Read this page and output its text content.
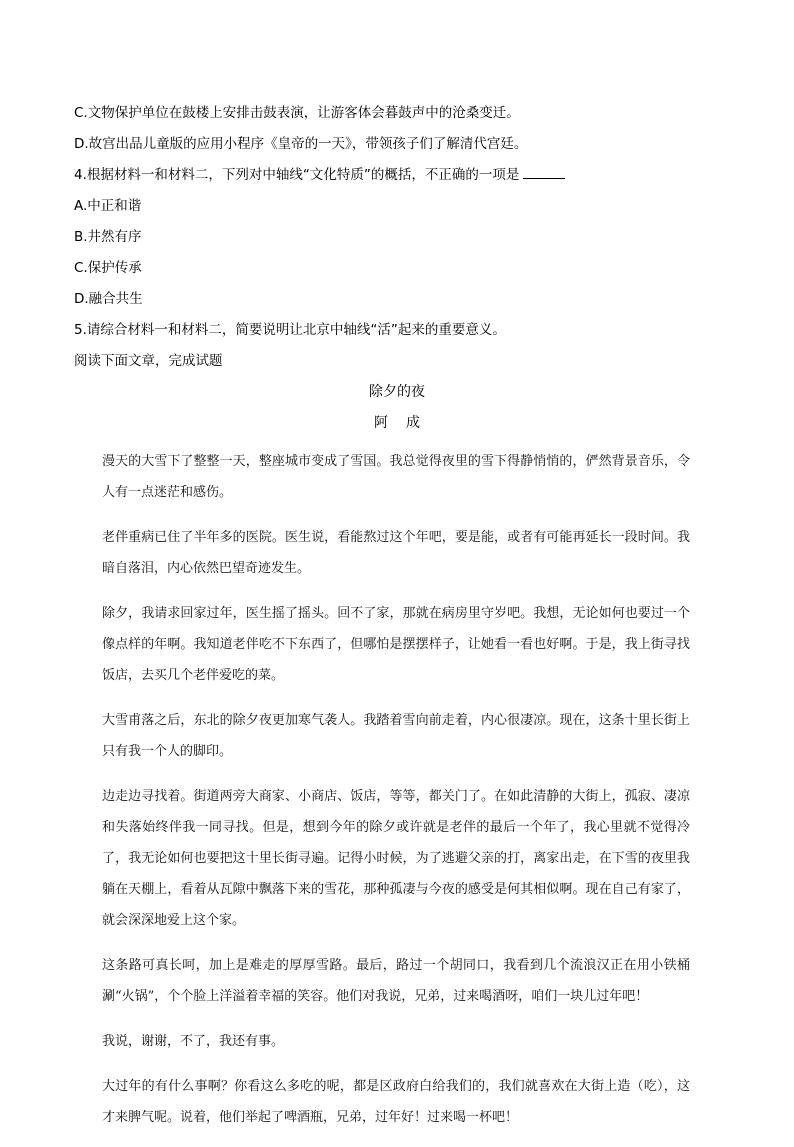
C.文物保护单位在鼓楼上安排击鼓表演，让游客体会暮鼓声中的沧桑变迁。
D.故宫出品儿童版的应用小程序《皇帝的一天》，带领孩子们了解清代宫廷。
4.根据材料一和材料二，下列对中轴线“文化特质”的概括，不正确的一项是
A.中正和谐
B.井然有序
C.保护传承
D.融合共生
5.请综合材料一和材料二，简要说明让北京中轴线“活”起来的重要意义。
阅读下面文章，完成试题
除夕的夜
阿成

漫天的大雪下了整整一天，整座城市变成了雪国。我总觉得夜里的雪下得静悄悄的，俨然背景音乐，令人有一点迷茫和感伤。

老伴重病已住了半年多的医院。医生说，看能熬过这个年吧，要是能，或者有可能再延长一段时间。我暗自落泪，内心依然巴望奇迹发生。

除夕，我请求回家过年，医生摇了摇头。回不了家，那就在病房里守岁吧。我想，无论如何也要过一个像点样的年啊。我知道老伴吃不下东西了，但哪怕是摆摆样子，让她看一看也好啊。于是，我上街寻找饭店，去买几个老伴爱吃的菜。

大雪甫落之后，东北的除夕夜更加寒气袭人。我踏着雪向前走着，内心很凄凉。现在，这条十里长街上只有我一个人的脚印。

边走边寻找着。街道两旁大商家、小商店、饭店，等等，都关门了。在如此清静的大街上，孤寂、凄凉和失落始终伴我一同寻找。但是，想到今年的除夕或许就是老伴的最后一个年了，我心里就不觉得冷了，我无论如何也要把这十里长街寻遍。记得小时候，为了逃避父亲的打，离家出走，在下雪的夜里我躺在天棚上，看着从瓦隙中飘落下来的雪花，那种孤凄与今夜的感受是何其相似啊。现在自己有家了，就会深深地爱上这个家。

这条路可真长呵，加上是难走的厚厚雪路。最后，路过一个胡同口，我看到几个流浪汉正在用小铁桶涮“火锅”，个个脸上洋溢着幸福的笑容。他们对我说，兄弟，过来喝酒呀，咱们一块儿过年吧！

我说，谢谢，不了，我还有事。

大过年的有什么事啊？你看这么多吃的呢，都是区政府白给我们的，我们就喜欢在大街上造（吃），这才来脾气呢。说着，他们举起了啤酒瓶，兄弟，过年好！过来喝一杯吧！
